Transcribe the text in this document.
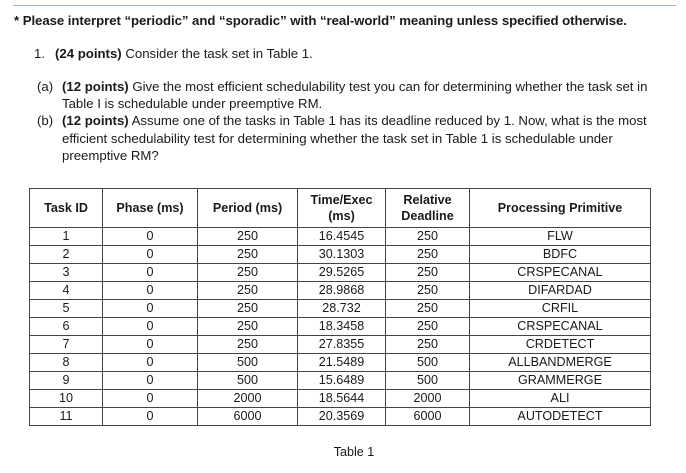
* Please interpret “periodic” and “sporadic” with “real-world” meaning unless specified otherwise.
1. (24 points) Consider the task set in Table 1.
(a) (12 points) Give the most efficient schedulability test you can for determining whether the task set in Table I is schedulable under preemptive RM.
(b) (12 points) Assume one of the tasks in Table 1 has its deadline reduced by 1. Now, what is the most efficient schedulability test for determining whether the task set in Table 1 is schedulable under preemptive RM?
Task ID	Phase (ms)	Period (ms)	Time/Exec (ms)	Relative Deadline	Processing Primitive
1	0	250	16.4545	250	FLW
2	0	250	30.1303	250	BDFC
3	0	250	29.5265	250	CRSPECANAL
4	0	250	28.9868	250	DIFARDAD
5	0	250	28.732	250	CRFIL
6	0	250	18.3458	250	CRSPECANAL
7	0	250	27.8355	250	CRDETECT
8	0	500	21.5489	500	ALLBANDMERGE
9	0	500	15.6489	500	GRAMMERGE
10	0	2000	18.5644	2000	ALI
11	0	6000	20.3569	6000	AUTODETECT
Table 1
